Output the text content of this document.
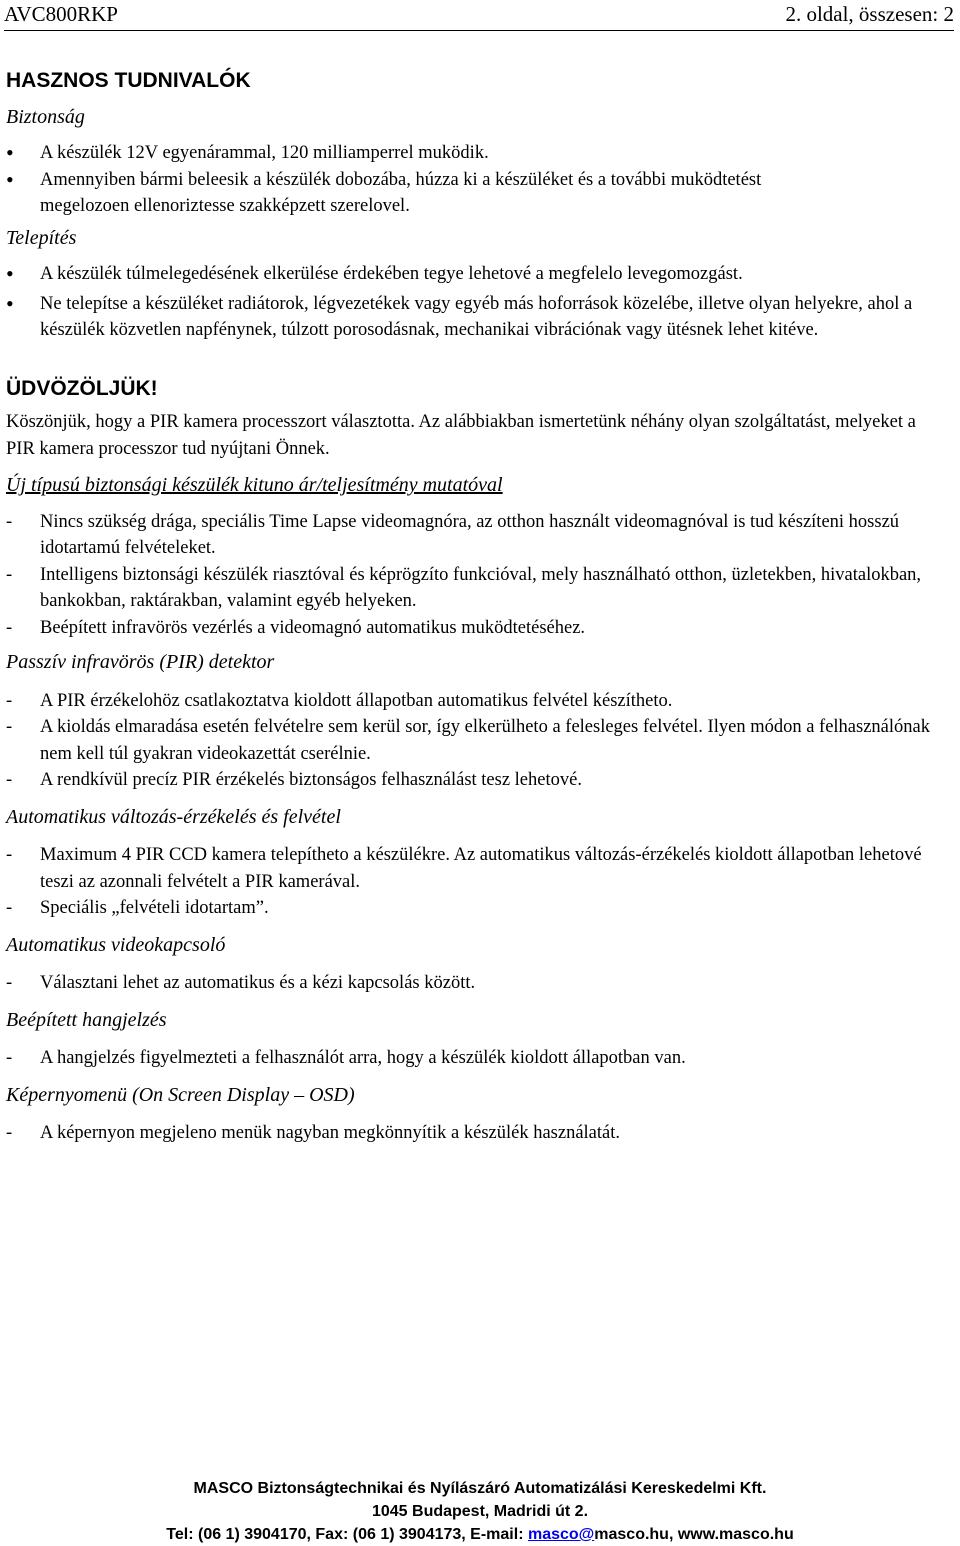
AVC800RKP	2. oldal, összesen: 2
HASZNOS TUDNIVALÓK
Biztonság
• A készülék 12V egyenárammal, 120 milliamperrel muködik.
• Amennyiben bármi beleesik a készülék dobozába, húzza ki a készüléket és a további muködtetést megelozoen ellenoriztesse szakképzett szerelovel.
Telepítés
• A készülék túlmelegedésének elkerülése érdekében tegye lehetové a megfelelo levegomozgást.
• Ne telepítse a készüléket radiátorok, légvezetékek vagy egyéb más hoforrások közelébe, illetve olyan helyekre, ahol a készülék közvetlen napfénynek, túlzott porosodásnak, mechanikai vibrációnak vagy ütésnek lehet kitéve.
ÜDVÖZÖLJÜK!

Köszönjük, hogy a PIR kamera processzort választotta. Az alábbiakban ismertetünk néhány olyan szolgáltatást, melyeket a PIR kamera processzor tud nyújtani Önnek.

Új típusú biztonsági készülék kituno ár/teljesítmény mutatóval
- Nincs szükség drága, speciális Time Lapse videomagnóra, az otthon használt videomagnóval is tud készíteni hosszú idotartamú felvételeket.
- Intelligens biztonsági készülék riasztóval és képrögzíto funkcióval, mely használható otthon, üzletekben, hivatalokban, bankokban, raktárakban, valamint egyéb helyeken.
- Beépített infravörös vezérlés a videomagnó automatikus muködtetéséhez.
Passzív infravörös (PIR) detektor
- A PIR érzékelohöz csatlakoztatva kioldott állapotban automatikus felvétel készítheto.
- A kioldás elmaradása esetén felvételre sem kerül sor, így elkerülheto a felesleges felvétel. Ilyen módon a felhasználónak nem kell túl gyakran videokazettát cserélnie.
- A rendkívül precíz PIR érzékelés biztonságos felhasználást tesz lehetové.
Automatikus változás-érzékelés és felvétel
- Maximum 4 PIR CCD kamera telepítheto a készülékre. Az automatikus változás-érzékelés kioldott állapotban lehetové teszi az azonnali felvételt a PIR kamerával.
- Speciális „felvételi idotartam”.
Automatikus videokapcsoló
- Választani lehet az automatikus és a kézi kapcsolás között.
Beépített hangjelzés
- A hangjelzés figyelmezteti a felhasználót arra, hogy a készülék kioldott állapotban van.
Képernyomenü (On Screen Display – OSD)
- A képernyon megjeleno menük nagyban megkönnyítik a készülék használatát.
MASCO Biztonságtechnikai és Nyílászáró Automatizálási Kereskedelmi Kft.
1045 Budapest, Madridi út 2.
Tel: (06 1) 3904170, Fax: (06 1) 3904173, E-mail: masco@masco.hu, www.masco.hu
